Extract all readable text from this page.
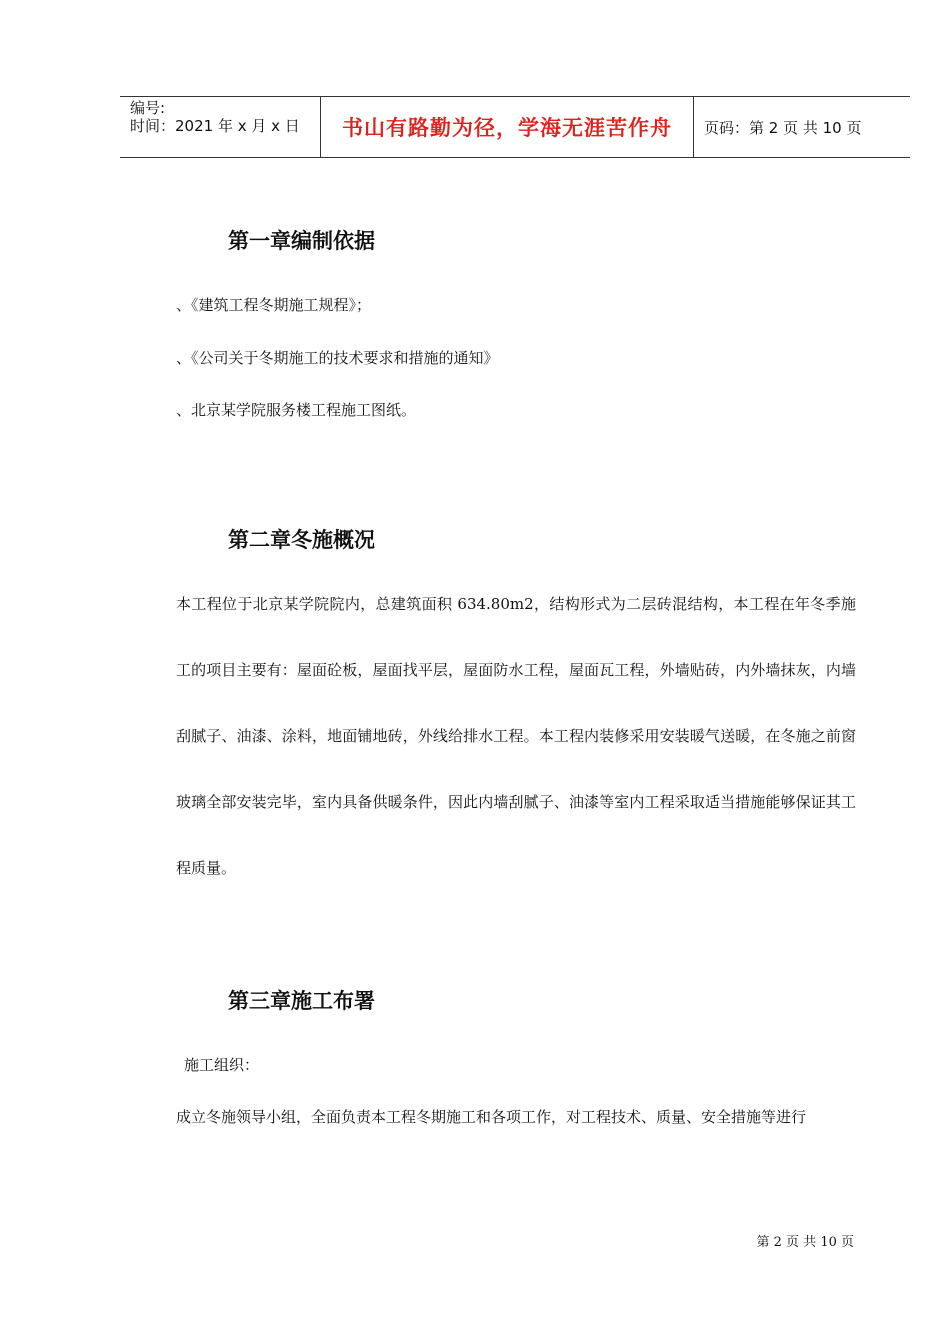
编号:
时间：2021 年 x 月 x 日 书山有路勤为径，学海无涯苦作舟 页码：第 2 页 共 10 页
第一章编制依据
、《建筑工程冬期施工规程》；
、《公司关于冬期施工的技术要求和措施的通知》
、北京某学院服务楼工程施工图纸。
第二章冬施概况
本工程位于北京某学院院内，总建筑面积 634.80m2，结构形式为二层砖混结构，本工程在年冬季施工的项目主要有：屋面砼板，屋面找平层，屋面防水工程，屋面瓦工程，外墙贴砖，内外墙抹灰，内墙刮腻子、油漆、涂料，地面铺地砖，外线给排水工程。本工程内装修采用安装暖气送暖，在冬施之前窗玻璃全部安装完毕，室内具备供暖条件，因此内墙刮腻子、油漆等室内工程采取适当措施能够保证其工程质量。
第三章施工布署
施工组织：
成立冬施领导小组，全面负责本工程冬期施工和各项工作，对工程技术、质量、安全措施等进行
第 2 页 共 10 页
